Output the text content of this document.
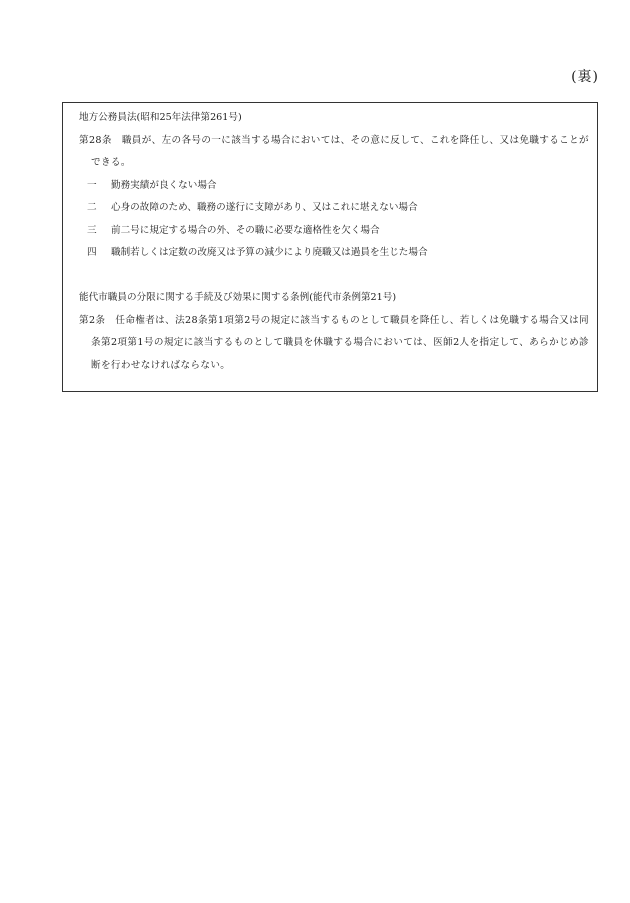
(裏)
地方公務員法(昭和25年法律第261号)
第28条 職員が、左の各号の一に該当する場合においては、その意に反して、これを降任し、又は免職することができる。
一	勤務実績が良くない場合
二	心身の故障のため、職務の遂行に支障があり、又はこれに堪えない場合
三	前二号に規定する場合の外、その職に必要な適格性を欠く場合
四	職制若しくは定数の改廃又は予算の減少により廃職又は過員を生じた場合
能代市職員の分限に関する手続及び効果に関する条例(能代市条例第21号)
第2条 任命権者は、法28条第1項第2号の規定に該当するものとして職員を降任し、若しくは免職する場合又は同条第2項第1号の規定に該当するものとして職員を休職する場合においては、医師2人を指定して、あらかじめ診断を行わせなければならない。
